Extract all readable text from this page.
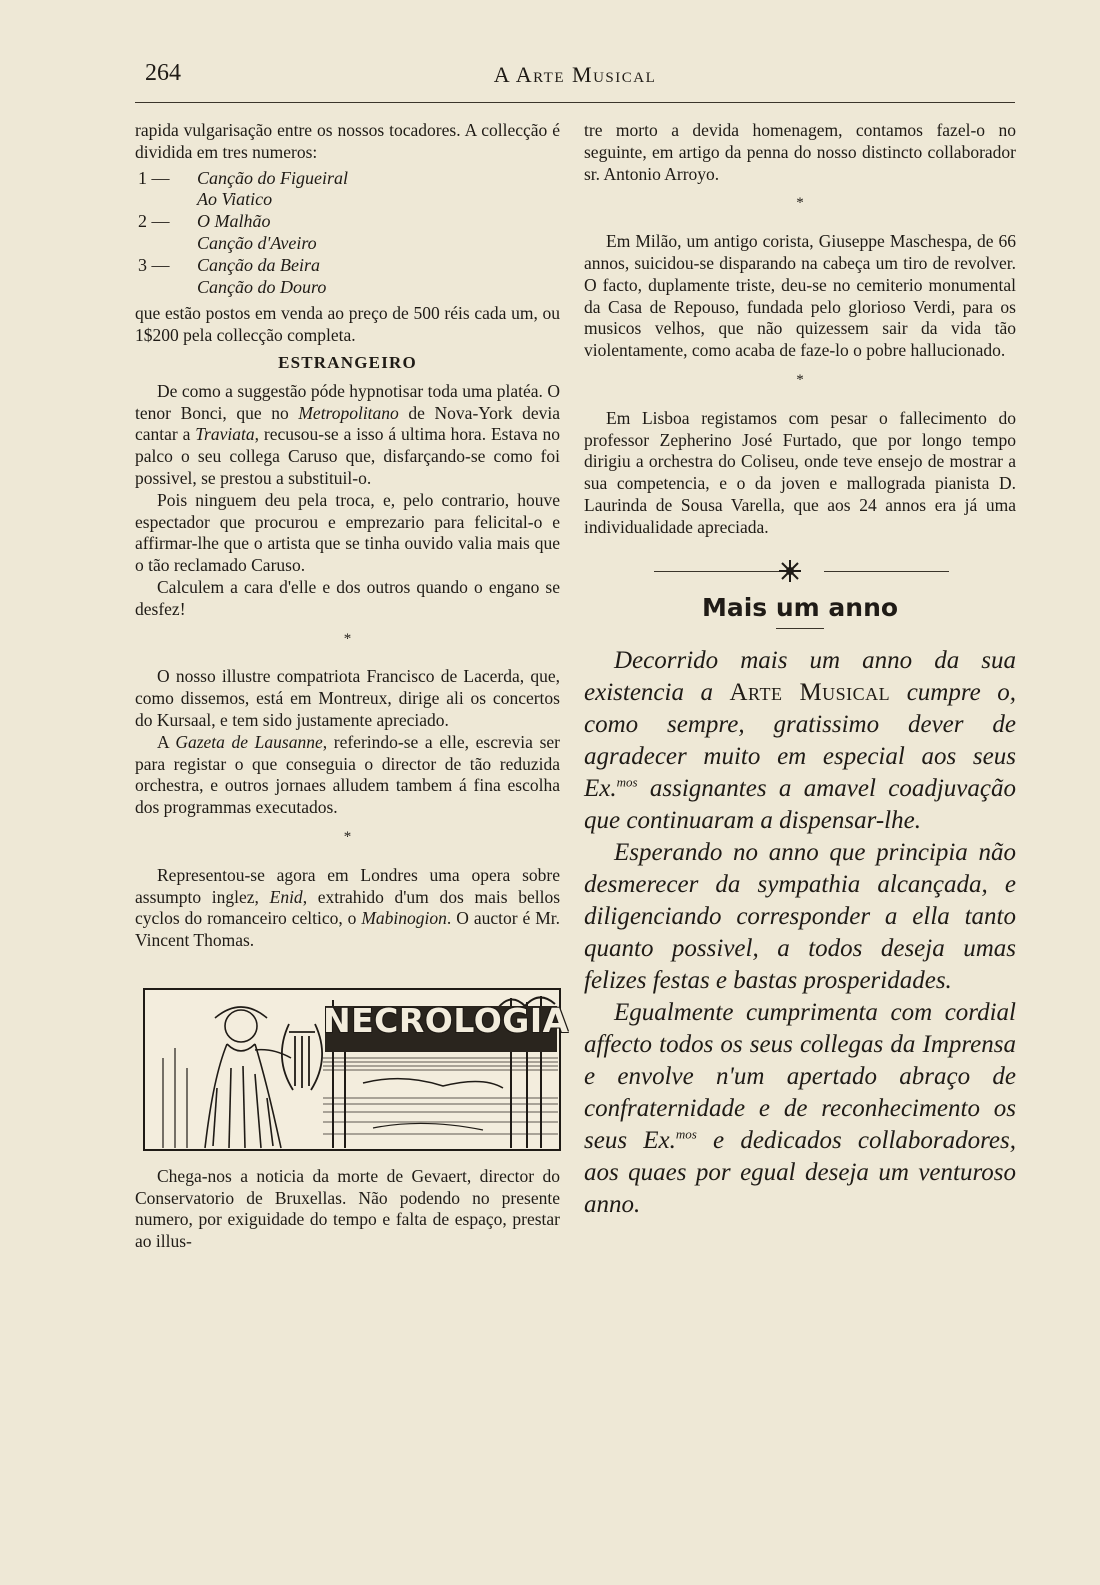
264	A Arte Musical

rapida vulgarisação entre os nossos tocadores. A collecção é dividida em tres numeros:

1 —	Canção do Figueiral
Ao Viatico
2 —	O Malhão
Canção d'Aveiro
3 —	Canção da Beira
Canção do Douro

que estão postos em venda ao preço de 500 réis cada um, ou 1$200 pela collecção completa.

ESTRANGEIRO

De como a suggestão póde hypnotisar toda uma platéa. O tenor Bonci, que no Metropolitano de Nova-York devia cantar a Traviata, recusou-se a isso á ultima hora. Estava no palco o seu collega Caruso que, disfarçando-se como foi possivel, se prestou a substituil-o.

Pois ninguem deu pela troca, e, pelo contrario, houve espectador que procurou e emprezario para felicital-o e affirmar-lhe que o artista que se tinha ouvido valia mais que o tão reclamado Caruso.

Calculem a cara d'elle e dos outros quando o engano se desfez!

*

O nosso illustre compatriota Francisco de Lacerda, que, como dissemos, está em Montreux, dirige ali os concertos do Kursaal, e tem sido justamente apreciado.

A Gazeta de Lausanne, referindo-se a elle, escrevia ser para registar o que conseguia o director de tão reduzida orchestra, e outros jornaes alludem tambem á fina escolha dos programmas executados.

*

Representou-se agora em Londres uma opera sobre assumpto inglez, Enid, extrahido d'um dos mais bellos cyclos do romanceiro celtico, o Mabinogion. O auctor é Mr. Vincent Thomas.

NECROLOGIA

Chega-nos a noticia da morte de Gevaert, director do Conservatorio de Bruxellas. Não podendo no presente numero, por exiguidade do tempo e falta de espaço, prestar ao illus-

tre morto a devida homenagem, contamos fazel-o no seguinte, em artigo da penna do nosso distincto collaborador sr. Antonio Arroyo.

*

Em Milão, um antigo corista, Giuseppe Maschespa, de 66 annos, suicidou-se disparando na cabeça um tiro de revolver. O facto, duplamente triste, deu-se no cemiterio monumental da Casa de Repouso, fundada pelo glorioso Verdi, para os musicos velhos, que não quizessem sair da vida tão violentamente, como acaba de faze-lo o pobre hallucionado.

*

Em Lisboa registamos com pesar o fallecimento do professor Zepherino José Furtado, que por longo tempo dirigiu a orchestra do Coliseu, onde teve ensejo de mostrar a sua competencia, e o da joven e mallograda pianista D. Laurinda de Sousa Varella, que aos 24 annos era já uma individualidade apreciada.

Mais um anno

Decorrido mais um anno da sua existencia a Arte Musical cumpre o, como sempre, gratissimo dever de agradecer muito em especial aos seus Ex.$^{mos}$ assignantes a amavel coadjuvação que continuaram a dispensar-lhe.

Esperando no anno que principia não desmerecer da sympathia alcançada, e diligenciando corresponder a ella tanto quanto possivel, a todos deseja umas felizes festas e bastas prosperidades.

Egualmente cumprimenta com cordial affecto todos os seus collegas da Imprensa e envolve n'um apertado abraço de confraternidade e de reconhecimento os seus Ex.$^{mos}$ e dedicados collaboradores, aos quaes por egual deseja um venturoso anno.
